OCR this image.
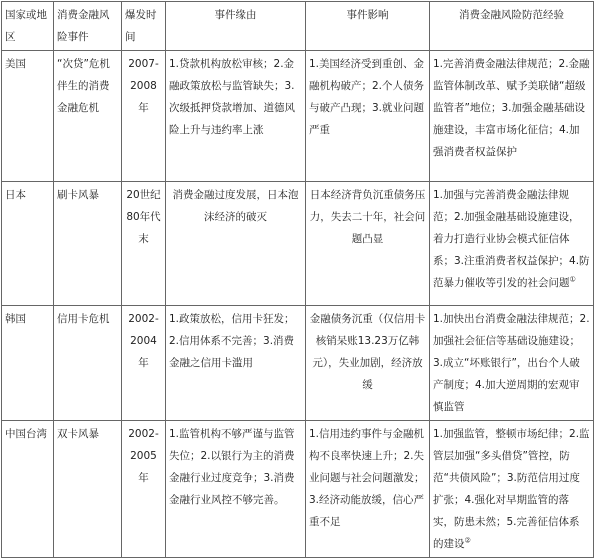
国家或地区	消费金融风险事件	爆发时间	事件缘由	事件影响	消费金融风险防范经验
美国	“次贷”危机伴生的消费金融危机	2007-2008年	1.贷款机构放松审核；2.金融政策放松与监管缺失；3.次级抵押贷款增加、道德风险上升与违约率上涨	1.美国经济受到重创、金融机构破产；2.个人债务与破产凸现；3.就业问题严重	1.完善消费金融法律规范；2.金融监管体制改革、赋予美联储“超级监管者”地位；3.加强金融基础设施建设，丰富市场化征信；4.加强消费者权益保护
日本	刷卡风暴	20世纪80年代末	消费金融过度发展，日本泡沫经济的破灭	日本经济背负沉重债务压力，失去二十年，社会问题凸显	1.加强与完善消费金融法律规范；2.加强金融基础设施建设，着力打造行业协会模式征信体系；3.注重消费者权益保护；4.防范暴力催收等引发的社会问题①
韩国	信用卡危机	2002-2004年	1.政策放松，信用卡狂发；2.信用体系不完善；3.消费金融之信用卡滥用	金融债务沉重（仅信用卡核销呆账13.23万亿韩元），失业加剧，经济放缓	1.加快出台消费金融法律规范；2.加强社会征信等基础设施建设；3.成立“坏账银行”，出台个人破产制度；4.加大逆周期的宏观审慎监管
中国台湾	双卡风暴	2002-2005年	1.监管机构不够严谨与监管失位；2.以银行为主的消费金融行业过度竞争；3.消费金融行业风控不够完善。	1.信用违约事件与金融机构不良率快速上升；2.失业问题与社会问题激发；3.经济动能放缓，信心严重不足	1.加强监管，整顿市场纪律；2.监管层加强“多头借贷”管控，防范“共债风险”；3.防范信用过度扩张；4.强化对早期监管的落实，防患未然；5.完善征信体系的建设②
